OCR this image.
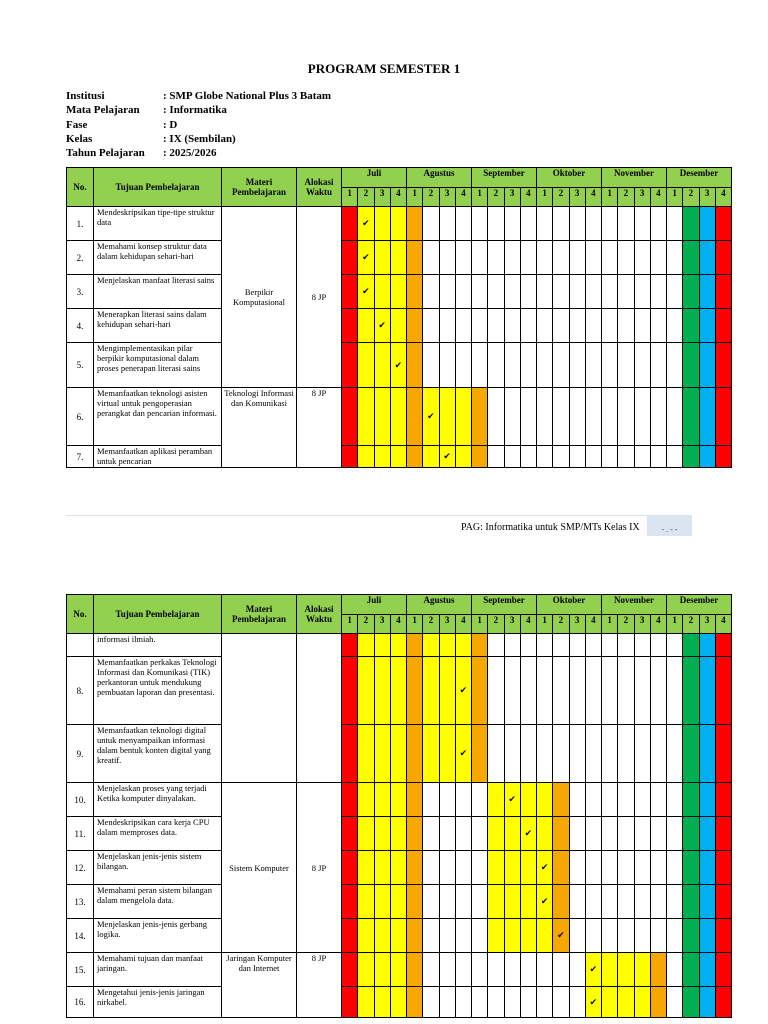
PROGRAM SEMESTER 1
Institusi	: SMP Globe National Plus 3 Batam
Mata Pelajaran : Informatika
Fase	: D
Kelas	: IX (Sembilan)
Tahun Pelajaran : 2025/2026
No.	Tujuan Pembelajaran	Materi Pembelajaran	Alokasi Waktu	Juli				Agustus				September				Oktober				November				Desember			
				1	2	3	4	1	2	3	4	1	2	3	4	1	2	3	4	1	2	3	4	1	2	3	4
1.	Mendeskripsikan tipe-tipe struktur data	Berpikir Komputasional	8 JP		✔																						
2.	Memahami konsep struktur data dalam kehidupan sehari-hari				✔																						
3.	Menjelaskan manfaat literasi sains				✔																						
4.	Menerapkan literasi sains dalam kehidupan sehari-hari					✔																					
5.	Mengimplementasikan pilar berpikir komputasional dalam proses penerapan literasi sains						✔																				
6.	Memanfaatkan teknologi asisten virtual untuk pengoperasian perangkat dan pencarian informasi.	Teknologi Informasi dan Komunikasi	8 JP						✔																		
7.	Memanfaatkan aplikasi peramban untuk pencarian									✔																	
PAG: Informatika untuk SMP/MTs Kelas IX	- . - -
No.	Tujuan Pembelajaran	Materi Pembelajaran	Alokasi Waktu	Juli				Agustus				September				Oktober				November				Desember			
				1	2	3	4	1	2	3	4	1	2	3	4	1	2	3	4	1	2	3	4	1	2	3	4
	informasi ilmiah.																										
8.	Memanfaatkan perkakas Teknologi Informasi dan Komunikasi (TIK) perkantoran untuk mendukung pembuatan laporan dan presentasi.										✔																
9.	Memanfaatkan teknologi digital untuk menyampaikan informasi dalam bentuk konten digital yang kreatif.										✔																
10.	Menjelaskan proses yang terjadi Ketika komputer dinyalakan.	Sistem Komputer	8 JP											✔													
11.	Mendeskripsikan cara kerja CPU dalam memproses data.														✔												
12.	Menjelaskan jenis-jenis sistem bilangan.															✔											
13.	Memahami peran sistem bilangan dalam mengelola data.															✔											
14.	Menjelaskan jenis-jenis gerbang logika.																✔										
15.	Memahami tujuan dan manfaat jaringan.	Jaringan Komputer dan Internet	8 JP																✔								
16.	Mengetahui jenis-jenis jaringan nirkabel.																		✔								
